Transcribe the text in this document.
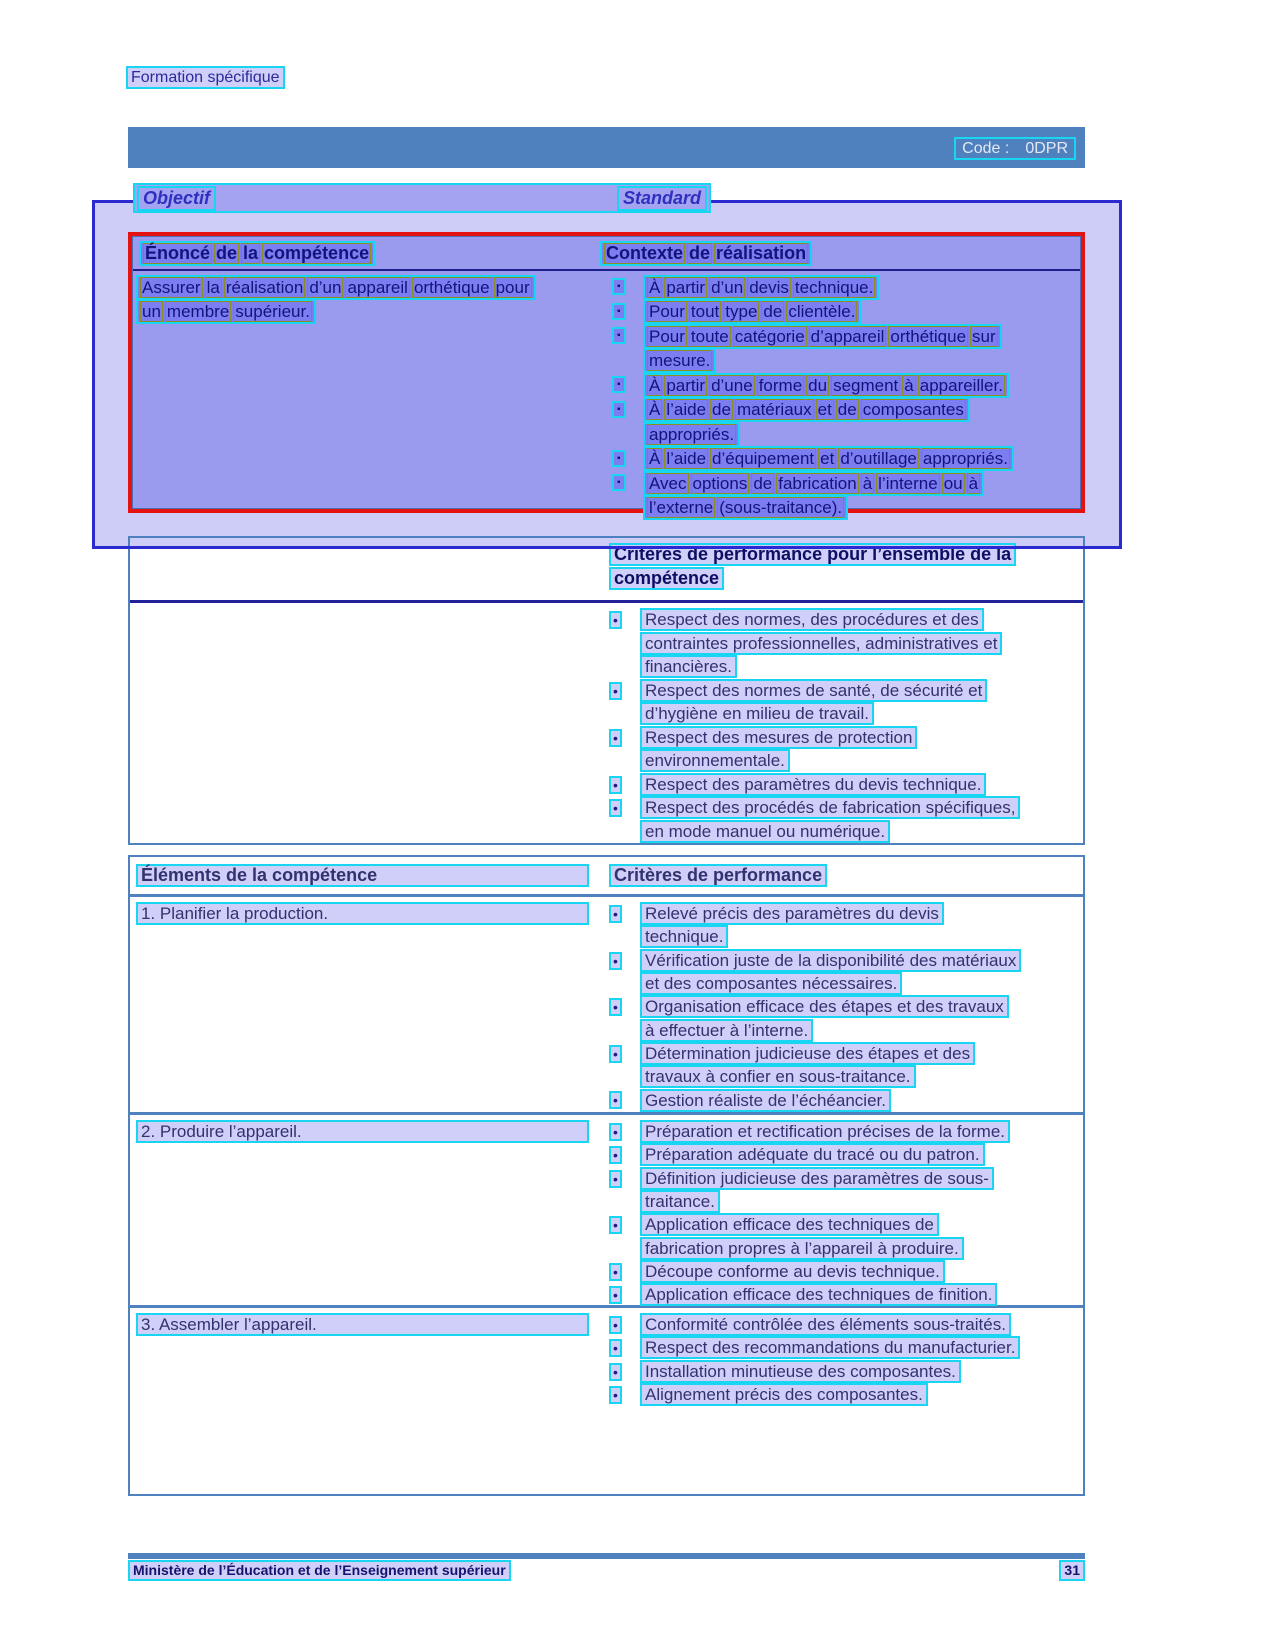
Formation spécifique
Code : 0DPR
Critères de performance pour l’ensemble de la
compétence
• Respect des normes, des procédures et des
contraintes professionnelles, administratives et
financières.
• Respect des normes de santé, de sécurité et
d’hygiène en milieu de travail.
• Respect des mesures de protection
environnementale.
• Respect des paramètres du devis technique.
• Respect des procédés de fabrication spécifiques,
en mode manuel ou numérique.
Objectif	Standard
Énoncé de la compétence	Contexte de réalisation
Assurer la réalisation d’un appareil orthétique pour
un membre supérieur.
▪	À partir d’un devis technique.
▪	Pour tout type de clientèle.
▪	Pour toute catégorie d’appareil orthétique sur
mesure.
▪	À partir d’une forme du segment à appareiller.
▪	À l’aide de matériaux et de composantes
appropriés.
▪	À l’aide d’équipement et d’outillage appropriés.
▪	Avec options de fabrication à l’interne ou à
l’externe (sous-traitance).
Éléments de la compétence	Critères de performance
1. Planifier la production.	• Relevé précis des paramètres du devis
technique.
• Vérification juste de la disponibilité des matériaux
et des composantes nécessaires.
• Organisation efficace des étapes et des travaux
à effectuer à l’interne.
• Détermination judicieuse des étapes et des
travaux à confier en sous-traitance.
• Gestion réaliste de l’échéancier.
2. Produire l’appareil.	• Préparation et rectification précises de la forme.
• Préparation adéquate du tracé ou du patron.
• Définition judicieuse des paramètres de sous-
traitance.
• Application efficace des techniques de
fabrication propres à l’appareil à produire.
• Découpe conforme au devis technique.
• Application efficace des techniques de finition.
3. Assembler l’appareil.	• Conformité contrôlée des éléments sous-traités.
• Respect des recommandations du manufacturier.
• Installation minutieuse des composantes.
• Alignement précis des composantes.
Ministère de l’Éducation et de l’Enseignement supérieur	31
